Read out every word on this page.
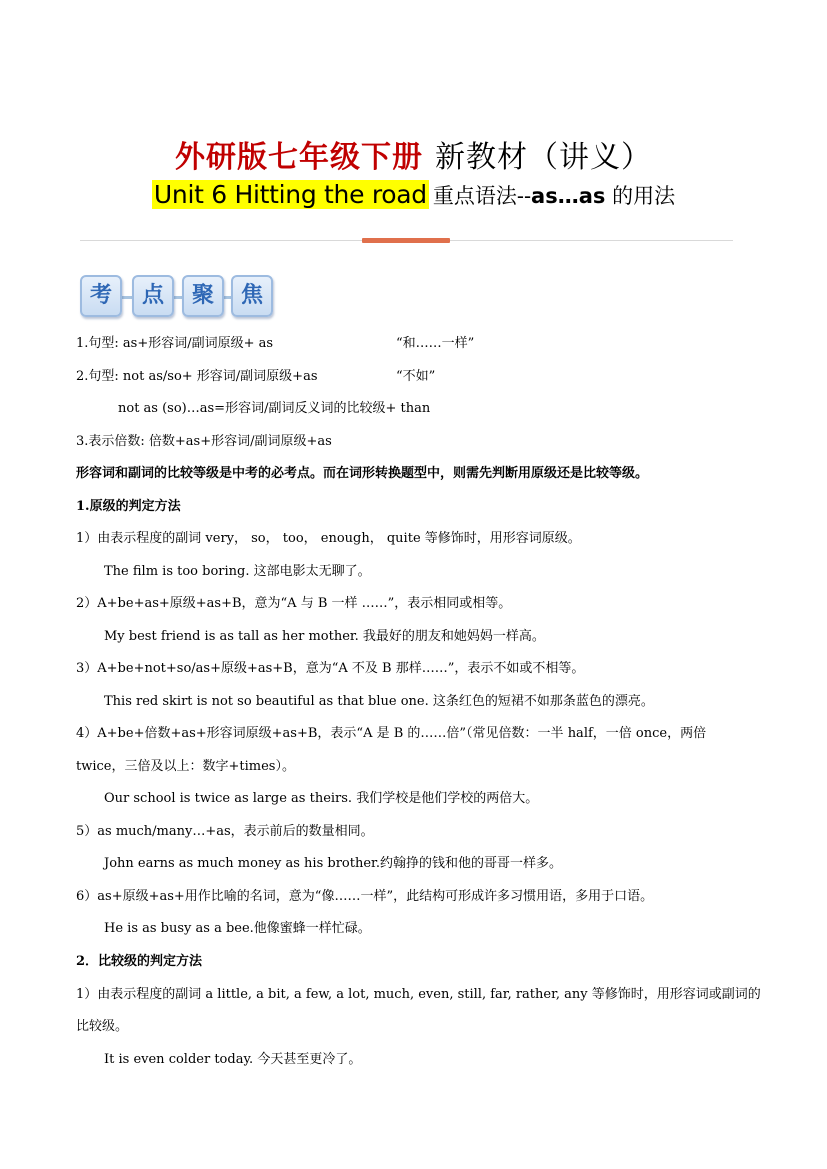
外研版七年级下册 新教材（讲义）
Unit 6 Hitting the road 重点语法--as…as 的用法
考	点	聚	焦
1.句型: as+形容词/副词原级+ as	“和……一样”
2.句型: not as/so+ 形容词/副词原级+as	“不如”
not as (so)…as=形容词/副词反义词的比较级+ than
3.表示倍数: 倍数+as+形容词/副词原级+as
形容词和副词的比较等级是中考的必考点。而在词形转换题型中，则需先判断用原级还是比较等级。
1.原级的判定方法
1）由表示程度的副词 very， so， too， enough， quite 等修饰时，用形容词原级。
The film is too boring. 这部电影太无聊了。
2）A+be+as+原级+as+B，意为“A 与 B 一样 ……”，表示相同或相等。
My best friend is as tall as her mother. 我最好的朋友和她妈妈一样高。
3）A+be+not+so/as+原级+as+B，意为“A 不及 B 那样……”，表示不如或不相等。
This red skirt is not so beautiful as that blue one. 这条红色的短裙不如那条蓝色的漂亮。
4）A+be+倍数+as+形容词原级+as+B，表示“A 是 B 的……倍”（常见倍数：一半 half，一倍 once，两倍
twice，三倍及以上：数字+times）。
Our school is twice as large as theirs. 我们学校是他们学校的两倍大。
5）as much/many…+as，表示前后的数量相同。
John earns as much money as his brother.约翰挣的钱和他的哥哥一样多。
6）as+原级+as+用作比喻的名词，意为“像……一样”，此结构可形成许多习惯用语，多用于口语。
He is as busy as a bee.他像蜜蜂一样忙碌。
2．比较级的判定方法
1）由表示程度的副词 a little, a bit, a few, a lot, much, even, still, far, rather, any 等修饰时，用形容词或副词的
比较级。
It is even colder today. 今天甚至更冷了。
